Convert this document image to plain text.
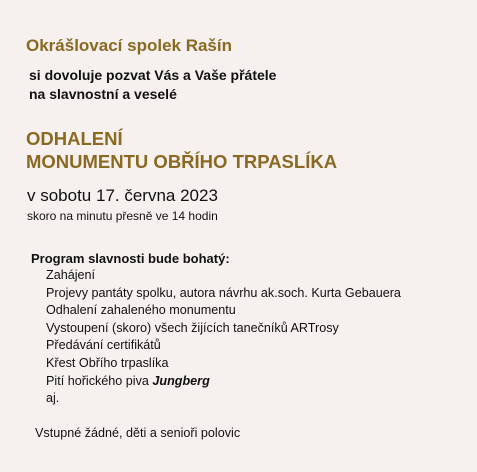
Okrášlovací spolek Rašín
si dovoluje pozvat Vás a Vaše přátele
na slavnostní a veselé
ODHALENÍ
MONUMENTU OBŘÍHO TRPASLÍKA
v sobotu 17. června 2023
skoro na minutu přesně ve 14 hodin
Program slavnosti bude bohatý:
Zahájení
Projevy pantáty spolku, autora návrhu ak.soch. Kurta Gebauera
Odhalení zahaleného monumentu
Vystoupení (skoro) všech žijících tanečníků ARTrosy
Předávání certifikátů
Křest Obřího trpaslíka
Pití hořického piva Jungberg
aj.
Vstupné žádné, děti a senioři polovic
